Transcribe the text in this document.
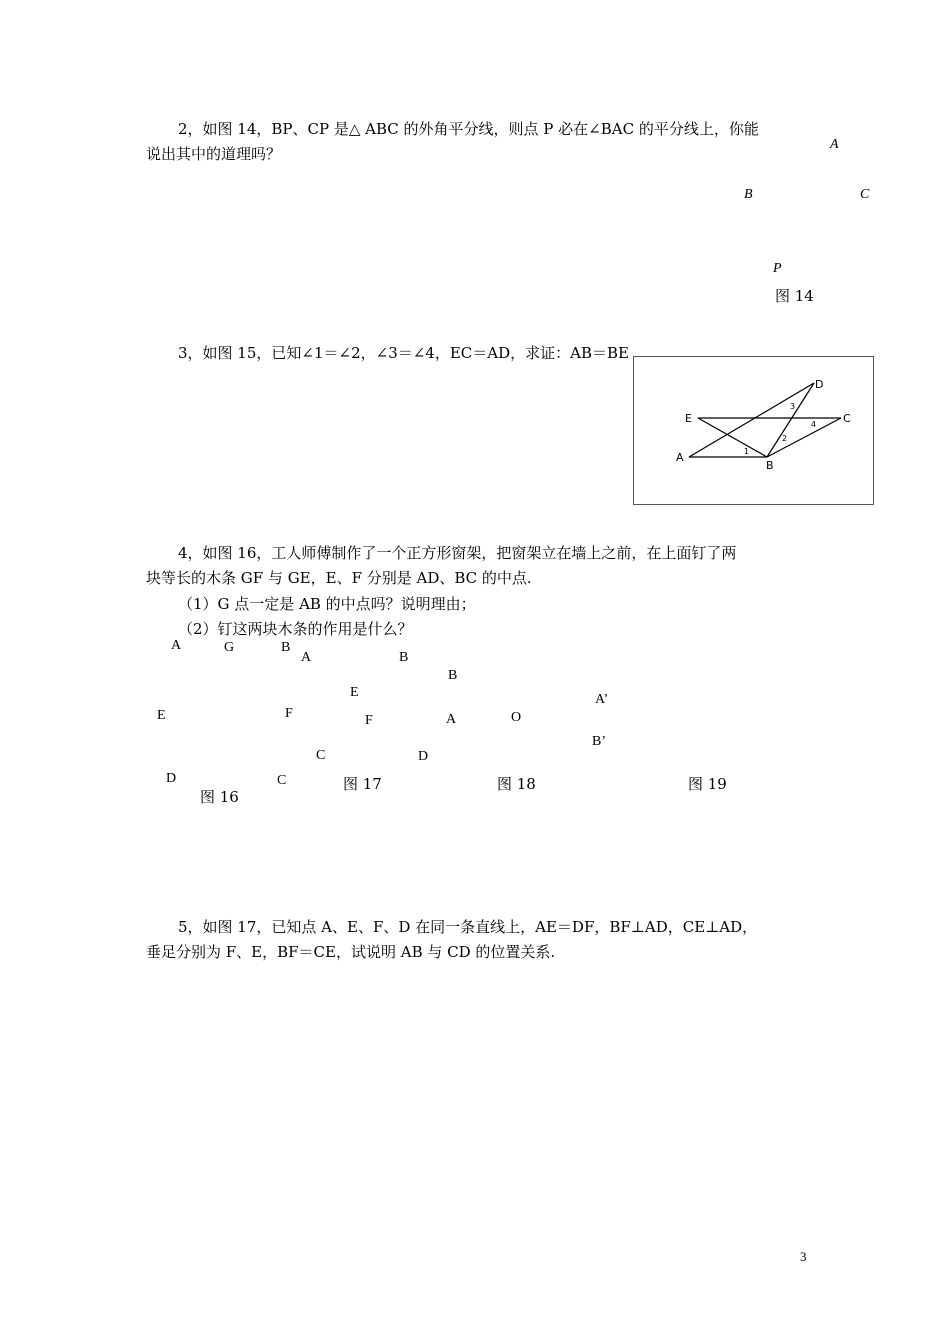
2，如图 14，BP、CP 是△ ABC 的外角平分线，则点 P 必在∠BAC 的平分线上，你能
说出其中的道理吗？
A
B	C
P
图 14
3，如图 15，已知∠1＝∠2，∠3＝∠4，EC＝AD，求证：AB＝BE
D
E	C
A
B
1
2
3
4
4，如图 16，工人师傅制作了一个正方形窗架，把窗架立在墙上之前，在上面钉了两
块等长的木条 GF 与 GE，E、F 分别是 AD、BC 的中点.
（1）G 点一定是 AB 的中点吗？说明理由；
（2）钉这两块木条的作用是什么？
A	G	B
E	F
D	C
图 16
A	B
E
F
C	D
图 17
B
A	O
图 18
A’
B’
图 19
5，如图 17，已知点 A、E、F、D 在同一条直线上，AE＝DF，BF⊥AD，CE⊥AD，
垂足分别为 F、E，BF＝CE，试说明 AB 与 CD 的位置关系.
3
